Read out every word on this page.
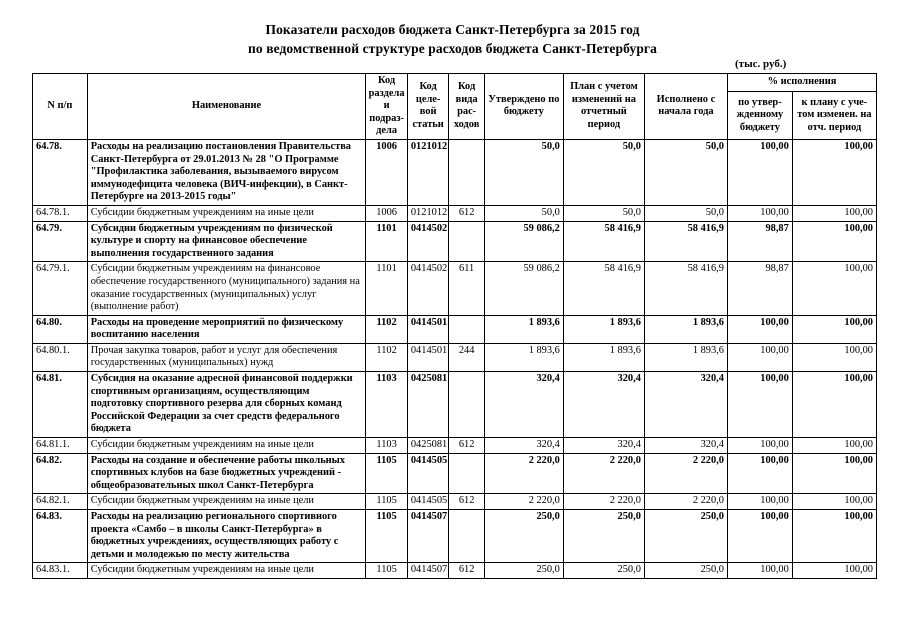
Показатели расходов бюджета Санкт-Петербурга за 2015 год
по ведомственной структуре расходов бюджета Санкт-Петербурга
(тыс. руб.)
N п/п	Наименование	Код раздела и подраз-дела	Код целе-вой статьи	Код вида рас-ходов	Утверждено по бюджету	План с учетом изменений на отчетный период	Исполнено с начала года	% исполнения	
								по утвер-жденному бюджету	к плану с уче-том изменен. на отч. период
64.78.	Расходы на реализацию постановления Правительства Санкт-Петербурга от 29.01.2013 № 28 "О Программе "Профилактика заболевания, вызываемого вирусом иммунодефицита человека (ВИЧ-инфекции), в Санкт-Петербурге на 2013-2015 годы"	1006	0121012		50,0	50,0	50,0	100,00	100,00
64.78.1.	Субсидии бюджетным учреждениям на иные цели	1006	0121012	612	50,0	50,0	50,0	100,00	100,00
64.79.	Субсидии бюджетным учреждениям по физической культуре и спорту на финансовое обеспечение выполнения государственного задания	1101	0414502		59 086,2	58 416,9	58 416,9	98,87	100,00
64.79.1.	Субсидии бюджетным учреждениям на финансовое обеспечение государственного (муниципального) задания на оказание государственных (муниципальных) услуг (выполнение работ)	1101	0414502	611	59 086,2	58 416,9	58 416,9	98,87	100,00
64.80.	Расходы на проведение мероприятий по физическому воспитанию населения	1102	0414501		1 893,6	1 893,6	1 893,6	100,00	100,00
64.80.1.	Прочая закупка товаров, работ и услуг для обеспечения государственных (муниципальных) нужд	1102	0414501	244	1 893,6	1 893,6	1 893,6	100,00	100,00
64.81.	Субсидия на оказание адресной финансовой поддержки спортивным организациям, осуществляющим подготовку спортивного резерва для сборных команд Российской Федерации за счет средств федерального бюджета	1103	0425081		320,4	320,4	320,4	100,00	100,00
64.81.1.	Субсидии бюджетным учреждениям на иные цели	1103	0425081	612	320,4	320,4	320,4	100,00	100,00
64.82.	Расходы на создание и обеспечение работы школьных спортивных клубов на базе бюджетных учреждений - общеобразовательных школ Санкт-Петербурга	1105	0414505		2 220,0	2 220,0	2 220,0	100,00	100,00
64.82.1.	Субсидии бюджетным учреждениям на иные цели	1105	0414505	612	2 220,0	2 220,0	2 220,0	100,00	100,00
64.83.	Расходы на реализацию регионального спортивного проекта «Самбо – в школы Санкт-Петербурга» в бюджетных учреждениях, осуществляющих работу с детьми и молодежью по месту жительства	1105	0414507		250,0	250,0	250,0	100,00	100,00
64.83.1.	Субсидии бюджетным учреждениям на иные цели	1105	0414507	612	250,0	250,0	250,0	100,00	100,00
